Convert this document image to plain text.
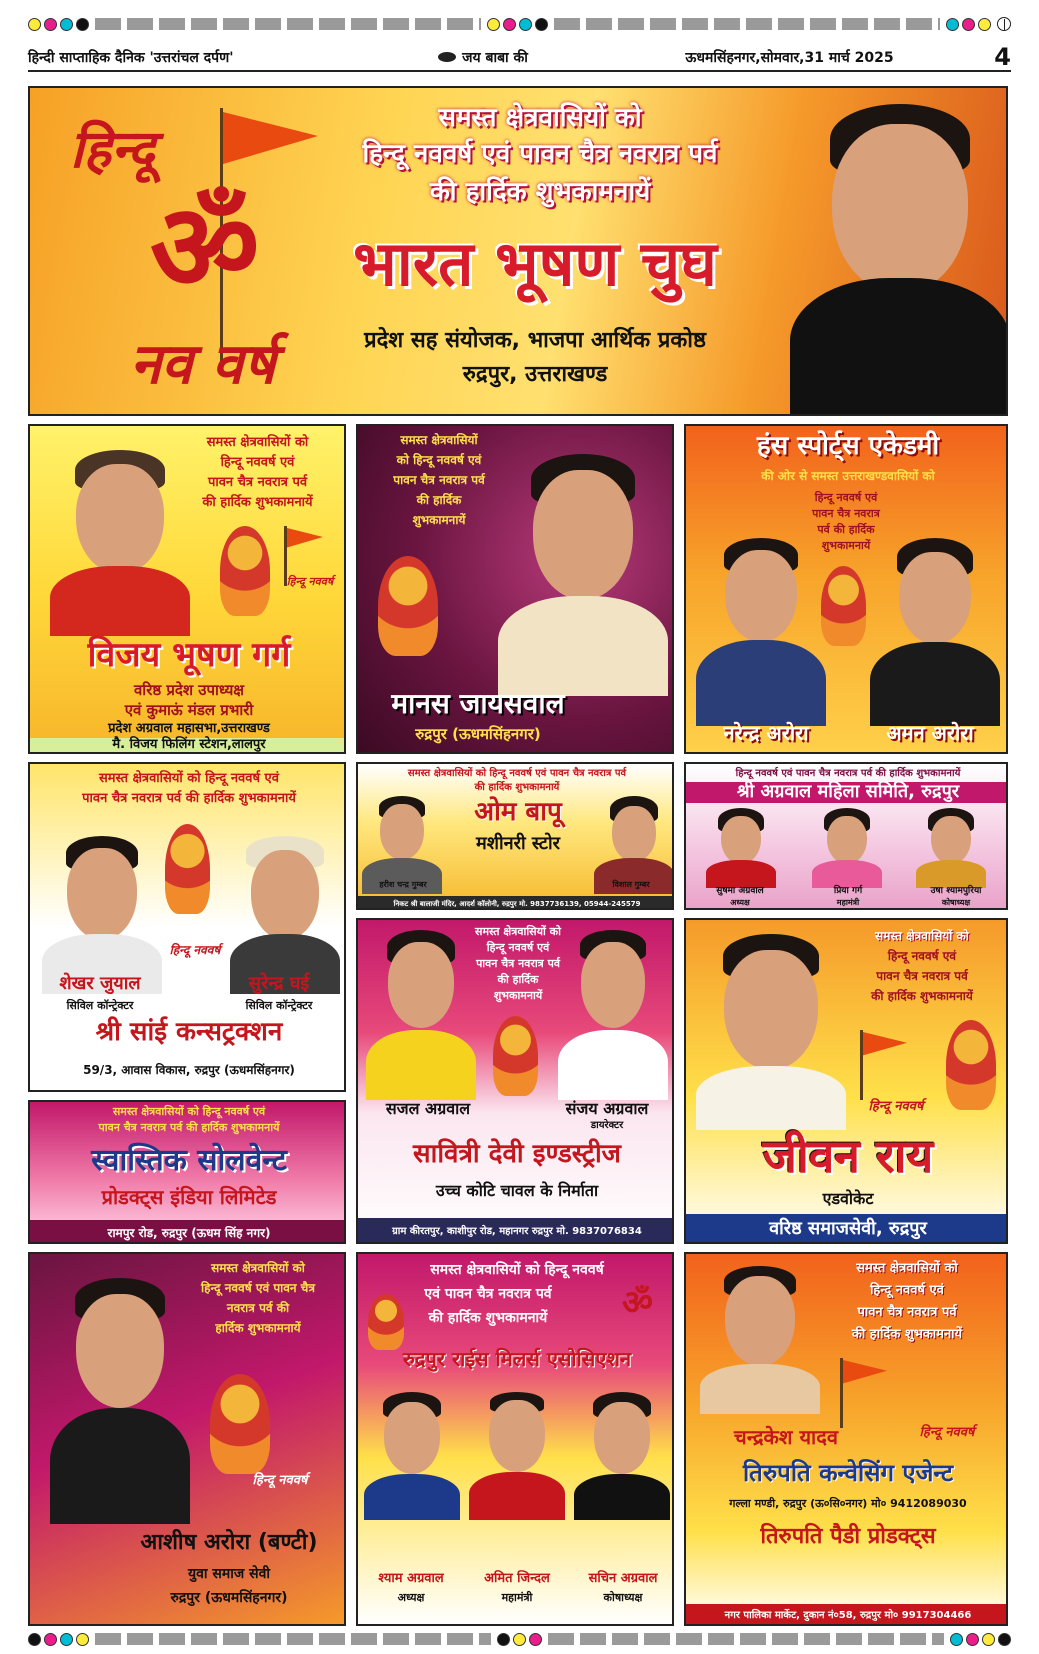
हिन्दी साप्ताहिक दैनिक 'उत्तरांचल दर्पण'	जय बाबा की	ऊधमसिंहनगर,सोमवार,31 मार्च 2025	4
हिन्दू
ॐ
नव वर्ष
समस्त क्षेत्रवासियों को
हिन्दू नववर्ष एवं पावन चैत्र नवरात्र पर्व
की हार्दिक शुभकामनायें
भारत भूषण चुघ
प्रदेश सह संयोजक, भाजपा आर्थिक प्रकोष्ठ
रुद्रपुर, उत्तराखण्ड
समस्त क्षेत्रवासियों को
हिन्दू नववर्ष एवं
पावन चैत्र नवरात्र पर्व
की हार्दिक शुभकामनायें
हिन्दू नववर्ष
विजय भूषण गर्ग
वरिष्ठ प्रदेश उपाध्यक्ष
एवं कुमाऊं मंडल प्रभारी
प्रदेश अग्रवाल महासभा,उत्तराखण्ड
मै. विजय फिलिंग स्टेशन,लालपुर
समस्त क्षेत्रवासियों
को हिन्दू नववर्ष एवं
पावन चैत्र नवरात्र पर्व
की हार्दिक
शुभकामनायें
मानस जायसवाल
रुद्रपुर (ऊधमसिंहनगर)
हंस स्पोर्ट्स एकेडमी
की ओर से समस्त उत्तराखण्डवासियों को
हिन्दू नववर्ष एवं
पावन चैत्र नवरात्र
पर्व की हार्दिक
शुभकामनायें
नरेन्द्र अरोरा	अमन अरोरा
समस्त क्षेत्रवासियों को हिन्दू नववर्ष एवं
पावन चैत्र नवरात्र पर्व की हार्दिक शुभकामनायें
हिन्दू नववर्ष
शेखर जुयाल	सुरेन्द्र घई
सिविल कॉन्ट्रेक्टर	सिविल कॉन्ट्रेक्टर
श्री सांई कन्सट्रक्शन
59/3, आवास विकास, रुद्रपुर (ऊधमसिंहनगर)
समस्त क्षेत्रवासियों को हिन्दू नववर्ष एवं पावन चैत्र नवरात्र पर्व
की हार्दिक शुभकामनायें
ओम बापू
मशीनरी स्टोर
हरीश चन्द्र गुम्बर	विशाल गुम्बर
निकट श्री बालाजी मंदिर, आदर्श कॉलोनी, रुद्रपुर मो. 9837736139, 05944-245579
हिन्दू नववर्ष एवं पावन चैत्र नवरात्र पर्व की हार्दिक शुभकामनायें
श्री अग्रवाल महिला समिति, रुद्रपुर
सुषमा अग्रवाल
अध्यक्ष
प्रिया गर्ग
महामंत्री
उषा श्यामपुरिया
कोषाध्यक्ष
समस्त क्षेत्रवासियों को
हिन्दू नववर्ष एवं
पावन चैत्र नवरात्र पर्व
की हार्दिक
शुभकामनायें
सजल अग्रवाल	संजय अग्रवाल
डायरेक्टर
सावित्री देवी इण्डस्ट्रीज
उच्च कोटि चावल के निर्माता
ग्राम कीरतपुर, काशीपुर रोड, महानगर रुद्रपुर मो. 9837076834
समस्त क्षेत्रवासियों को
हिन्दू नववर्ष एवं
पावन चैत्र नवरात्र पर्व
की हार्दिक शुभकामनायें
हिन्दू नववर्ष
जीवन राय
एडवोकेट
वरिष्ठ समाजसेवी, रुद्रपुर
समस्त क्षेत्रवासियों को हिन्दू नववर्ष एवं
पावन चैत्र नवरात्र पर्व की हार्दिक शुभकामनायें
स्वास्तिक सोलवेन्ट
प्रोडक्ट्स इंडिया लिमिटेड
रामपुर रोड, रुद्रपुर (ऊधम सिंह नगर)
समस्त क्षेत्रवासियों को
हिन्दू नववर्ष एवं पावन चैत्र
नवरात्र पर्व की
हार्दिक शुभकामनायें
हिन्दू नववर्ष
आशीष अरोरा (बण्टी)
युवा समाज सेवी
रुद्रपुर (ऊधमसिंहनगर)
समस्त क्षेत्रवासियों को हिन्दू नववर्ष
एवं पावन चैत्र नवरात्र पर्व
की हार्दिक शुभकामनायें	ॐ
रुद्रपुर राईस मिलर्स एसोसिएशन
श्याम अग्रवाल
अध्यक्ष
अमित जिन्दल
महामंत्री
सचिन अग्रवाल
कोषाध्यक्ष
समस्त क्षेत्रवासियों को
हिन्दू नववर्ष एवं
पावन चैत्र नवरात्र पर्व
की हार्दिक शुभकामनायें
चन्द्रकेश यादव	हिन्दू नववर्ष
तिरुपति कन्वेसिंग एजेन्ट
गल्ला मण्डी, रुद्रपुर (ऊ०सि०नगर) मो० 9412089030
तिरुपति पैडी प्रोडक्ट्स
नगर पालिका मार्केट, दुकान नं०58, रुद्रपुर मो० 9917304466
